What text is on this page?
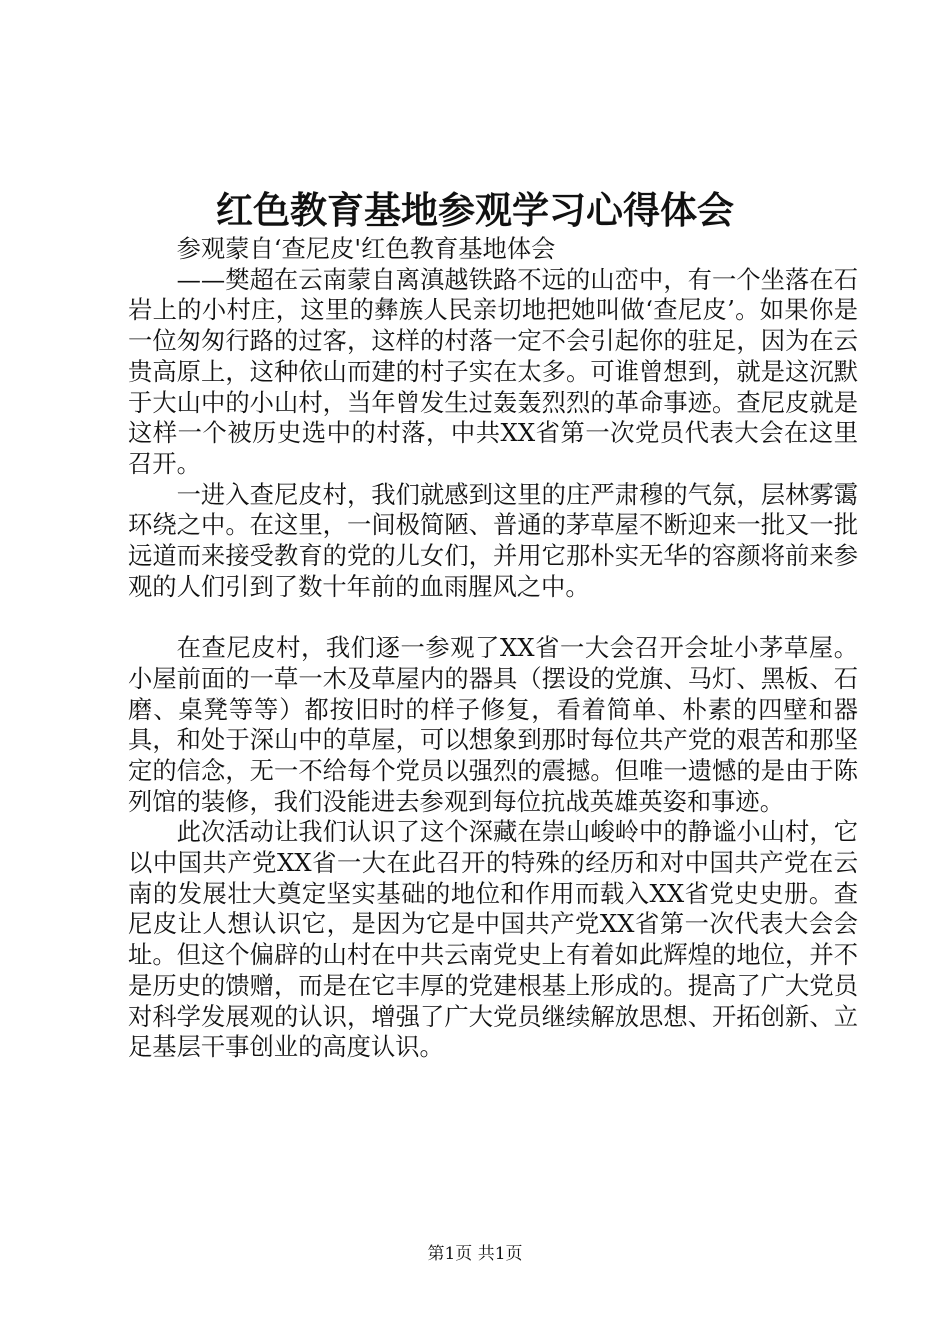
红色教育基地参观学习心得体会

参观蒙自‘查尼皮'红色教育基地体会

——樊超在云南蒙自离滇越铁路不远的山峦中，有一个坐落在石岩上的小村庄，这里的彝族人民亲切地把她叫做‘查尼皮’。如果你是一位匆匆行路的过客，这样的村落一定不会引起你的驻足，因为在云贵高原上，这种依山而建的村子实在太多。可谁曾想到，就是这沉默于大山中的小山村，当年曾发生过轰轰烈烈的革命事迹。查尼皮就是这样一个被历史选中的村落，中共XX省第一次党员代表大会在这里召开。

一进入查尼皮村，我们就感到这里的庄严肃穆的气氛，层林雾霭环绕之中。在这里，一间极简陋、普通的茅草屋不断迎来一批又一批远道而来接受教育的党的儿女们，并用它那朴实无华的容颜将前来参观的人们引到了数十年前的血雨腥风之中。

在查尼皮村，我们逐一参观了XX省一大会召开会址小茅草屋。小屋前面的一草一木及草屋内的器具（摆设的党旗、马灯、黑板、石磨、桌凳等等）都按旧时的样子修复，看着简单、朴素的四壁和器具，和处于深山中的草屋，可以想象到那时每位共产党的艰苦和那坚定的信念，无一不给每个党员以强烈的震撼。但唯一遗憾的是由于陈列馆的装修，我们没能进去参观到每位抗战英雄英姿和事迹。

此次活动让我们认识了这个深藏在崇山峻岭中的静谧小山村，它以中国共产党XX省一大在此召开的特殊的经历和对中国共产党在云南的发展壮大奠定坚实基础的地位和作用而载入XX省党史史册。查尼皮让人想认识它，是因为它是中国共产党XX省第一次代表大会会址。但这个偏辟的山村在中共云南党史上有着如此辉煌的地位，并不是历史的馈赠，而是在它丰厚的党建根基上形成的。提高了广大党员对科学发展观的认识，增强了广大党员继续解放思想、开拓创新、立足基层干事创业的高度认识。

第1页 共1页
